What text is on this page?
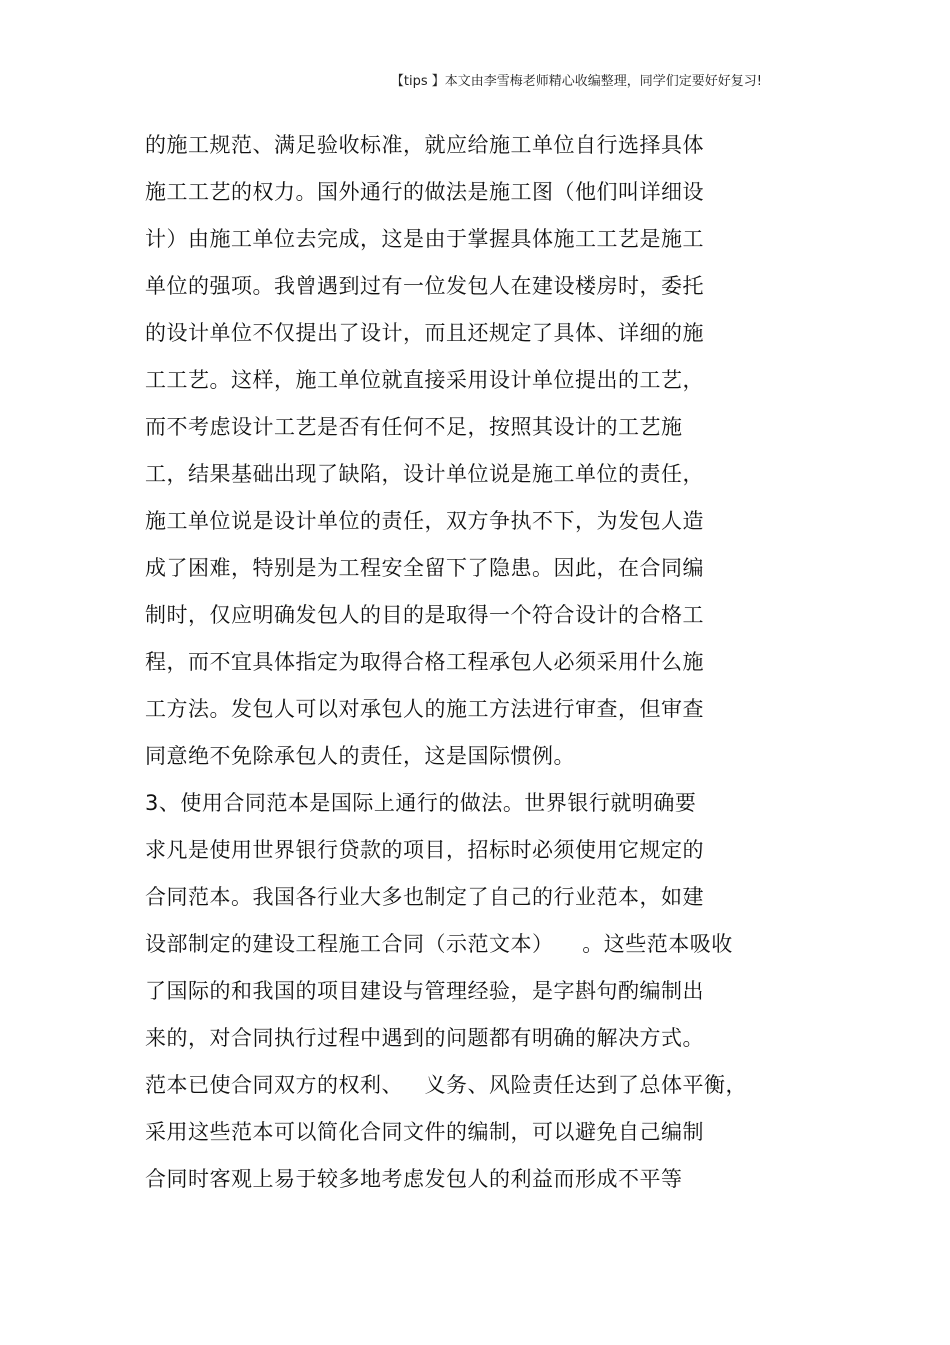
【tips 】本文由李雪梅老师精心收编整理，同学们定要好好复习!
的施工规范、满足验收标准，就应给施工单位自行选择具体
施工工艺的权力。国外通行的做法是施工图（他们叫详细设
计）由施工单位去完成，这是由于掌握具体施工工艺是施工
单位的强项。我曾遇到过有一位发包人在建设楼房时，委托
的设计单位不仅提出了设计，而且还规定了具体、详细的施
工工艺。这样，施工单位就直接采用设计单位提出的工艺，
而不考虑设计工艺是否有任何不足，按照其设计的工艺施
工，结果基础出现了缺陷，设计单位说是施工单位的责任，
施工单位说是设计单位的责任，双方争执不下，为发包人造
成了困难，特别是为工程安全留下了隐患。因此，在合同编
制时，仅应明确发包人的目的是取得一个符合设计的合格工
程，而不宜具体指定为取得合格工程承包人必须采用什么施
工方法。发包人可以对承包人的施工方法进行审查，但审查
同意绝不免除承包人的责任，这是国际惯例。
3、使用合同范本是国际上通行的做法。世界银行就明确要
求凡是使用世界银行贷款的项目，招标时必须使用它规定的
合同范本。我国各行业大多也制定了自己的行业范本，如建
设部制定的建设工程施工合同（示范文本）    。这些范本吸收
了国际的和我国的项目建设与管理经验，是字斟句酌编制出
来的，对合同执行过程中遇到的问题都有明确的解决方式。
范本已使合同双方的权利、   义务、风险责任达到了总体平衡，
采用这些范本可以简化合同文件的编制，可以避免自己编制
合同时客观上易于较多地考虑发包人的利益而形成不平等
